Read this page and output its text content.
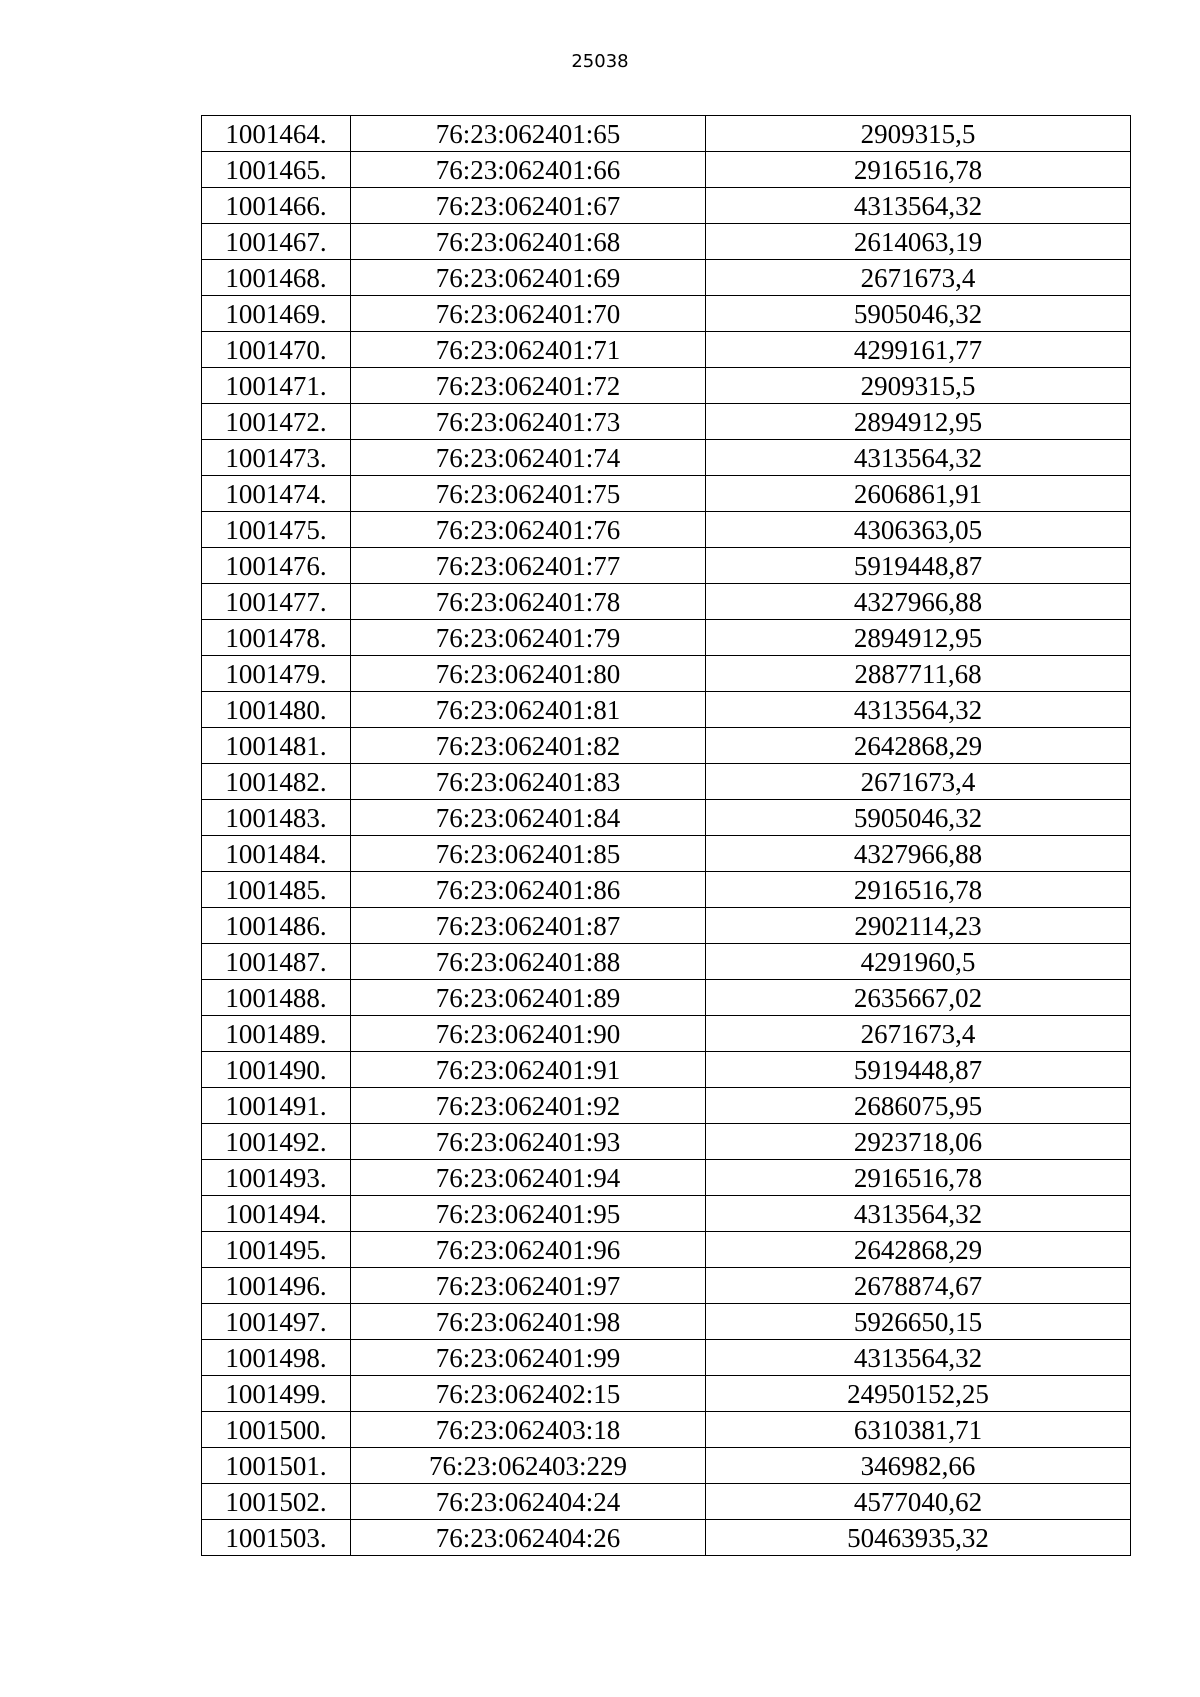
25038
1001464.	76:23:062401:65	2909315,5
1001465.	76:23:062401:66	2916516,78
1001466.	76:23:062401:67	4313564,32
1001467.	76:23:062401:68	2614063,19
1001468.	76:23:062401:69	2671673,4
1001469.	76:23:062401:70	5905046,32
1001470.	76:23:062401:71	4299161,77
1001471.	76:23:062401:72	2909315,5
1001472.	76:23:062401:73	2894912,95
1001473.	76:23:062401:74	4313564,32
1001474.	76:23:062401:75	2606861,91
1001475.	76:23:062401:76	4306363,05
1001476.	76:23:062401:77	5919448,87
1001477.	76:23:062401:78	4327966,88
1001478.	76:23:062401:79	2894912,95
1001479.	76:23:062401:80	2887711,68
1001480.	76:23:062401:81	4313564,32
1001481.	76:23:062401:82	2642868,29
1001482.	76:23:062401:83	2671673,4
1001483.	76:23:062401:84	5905046,32
1001484.	76:23:062401:85	4327966,88
1001485.	76:23:062401:86	2916516,78
1001486.	76:23:062401:87	2902114,23
1001487.	76:23:062401:88	4291960,5
1001488.	76:23:062401:89	2635667,02
1001489.	76:23:062401:90	2671673,4
1001490.	76:23:062401:91	5919448,87
1001491.	76:23:062401:92	2686075,95
1001492.	76:23:062401:93	2923718,06
1001493.	76:23:062401:94	2916516,78
1001494.	76:23:062401:95	4313564,32
1001495.	76:23:062401:96	2642868,29
1001496.	76:23:062401:97	2678874,67
1001497.	76:23:062401:98	5926650,15
1001498.	76:23:062401:99	4313564,32
1001499.	76:23:062402:15	24950152,25
1001500.	76:23:062403:18	6310381,71
1001501.	76:23:062403:229	346982,66
1001502.	76:23:062404:24	4577040,62
1001503.	76:23:062404:26	50463935,32
